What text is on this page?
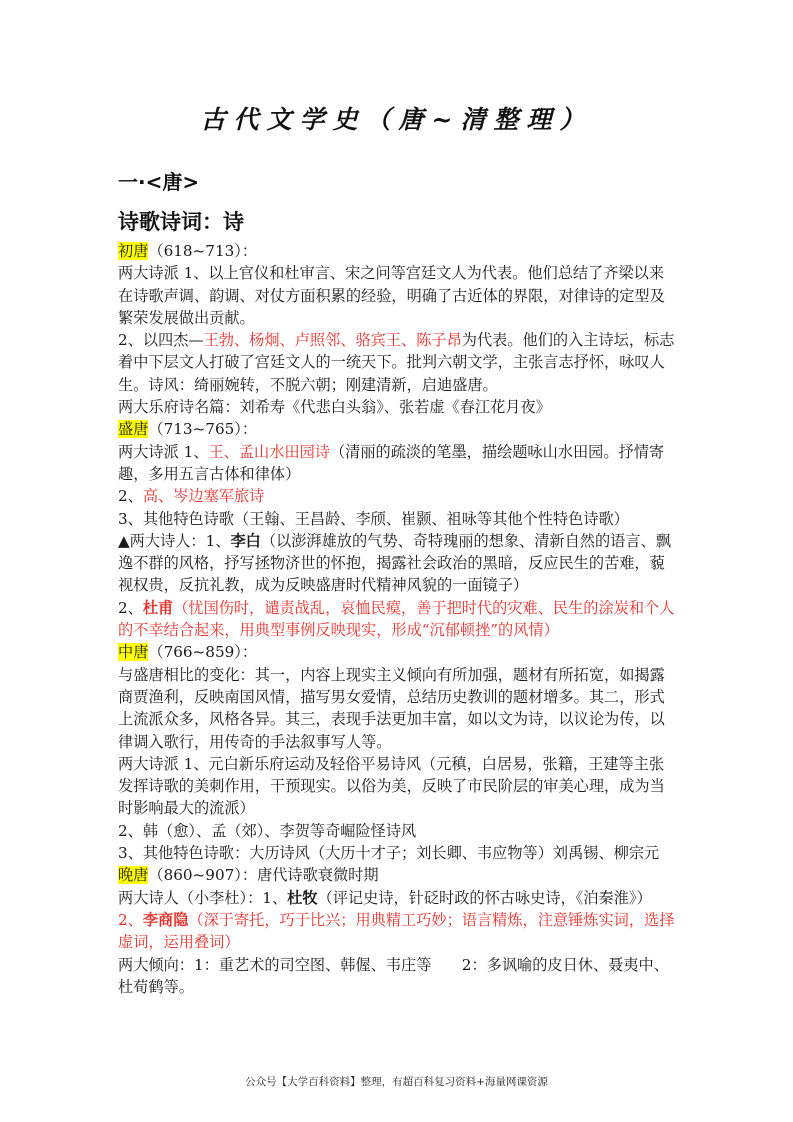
古代文学史（唐~清整理）
一·<唐>
诗歌诗词：诗

初唐（618~713）：

两大诗派 1、以上官仪和杜审言、宋之问等宫廷文人为代表。他们总结了齐梁以来在诗歌声调、韵调、对仗方面积累的经验，明确了古近体的界限，对律诗的定型及繁荣发展做出贡献。

2、以四杰—王勃、杨炯、卢照邻、骆宾王、陈子昂为代表。他们的入主诗坛，标志着中下层文人打破了宫廷文人的一统天下。批判六朝文学，主张言志抒怀，咏叹人生。诗风：绮丽婉转，不脱六朝；刚建清新，启迪盛唐。

两大乐府诗名篇：刘希寿《代悲白头翁》、张若虚《春江花月夜》

盛唐（713~765）：

两大诗派 1、王、孟山水田园诗（清丽的疏淡的笔墨，描绘题咏山水田园。抒情寄趣，多用五言古体和律体）

2、高、岑边塞军旅诗

3、其他特色诗歌（王翰、王昌龄、李颀、崔颢、祖咏等其他个性特色诗歌）

▲两大诗人：1、李白（以澎湃雄放的气势、奇特瑰丽的想象、清新自然的语言、飘逸不群的风格，抒写拯物济世的怀抱，揭露社会政治的黑暗，反应民生的苦难，藐视权贵，反抗礼教，成为反映盛唐时代精神风貌的一面镜子）

2、杜甫（忧国伤时，谴责战乱，哀恤民瘼，善于把时代的灾难、民生的涂炭和个人的不幸结合起来，用典型事例反映现实，形成“沉郁顿挫”的风情）

中唐（766~859）：

与盛唐相比的变化：其一，内容上现实主义倾向有所加强，题材有所拓宽，如揭露商贾渔利，反映南国风情，描写男女爱情，总结历史教训的题材增多。其二，形式上流派众多，风格各异。其三，表现手法更加丰富，如以文为诗，以议论为传，以律调入歌行，用传奇的手法叙事写人等。

两大诗派 1、元白新乐府运动及轻俗平易诗风（元稹，白居易，张籍，王建等主张发挥诗歌的美刺作用，干预现实。以俗为美，反映了市民阶层的审美心理，成为当时影响最大的流派）

2、韩（愈）、孟（郊）、李贺等奇崛险怪诗风

3、其他特色诗歌：大历诗风（大历十才子；刘长卿、韦应物等）刘禹锡、柳宗元

晚唐（860~907）：唐代诗歌衰微时期

两大诗人（小李杜）：1、杜牧（评记史诗，针砭时政的怀古咏史诗，《泊秦淮》）

2、李商隐（深于寄托，巧于比兴；用典精工巧妙；语言精炼，注意锤炼实词，选择虚词，运用叠词）

两大倾向：1：重艺术的司空图、韩偓、韦庄等　　2：多讽喻的皮日休、聂夷中、杜荀鹤等。

公众号【大学百科资料】整理，有超百科复习资料+海量网课资源
